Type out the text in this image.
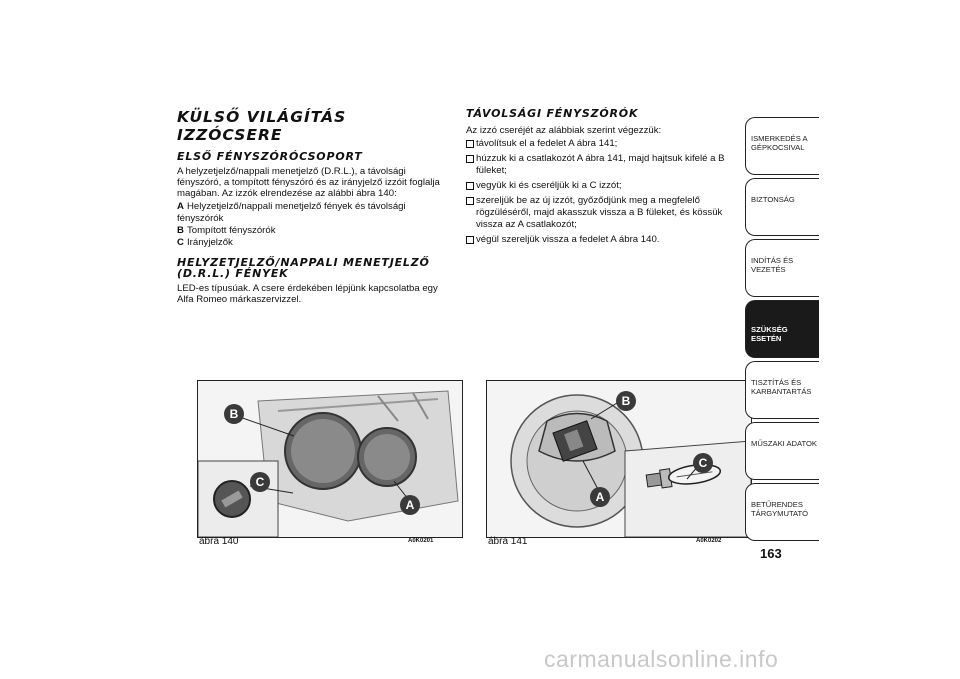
KÜLSŐ VILÁGÍTÁS IZZÓCSERE
ELSŐ FÉNYSZÓRÓCSOPORT

A helyzetjelző/nappali menetjelző (D.R.L.), a távolsági fényszóró, a tompított fényszóró és az irányjelző izzóit foglalja magában. Az izzók elrendezése az alábbi ábra 140:

A Helyzetjelző/nappali menetjelző fények és távolsági fényszórók
B Tompított fényszórók
C Irányjelzők
HELYZETJELZŐ/NAPPALI MENETJELZŐ (D.R.L.) FÉNYEK

LED-es típusúak. A csere érdekében lépjünk kapcsolatba egy Alfa Romeo márkaszervizzel.

TÁVOLSÁGI FÉNYSZÓRÓK

Az izzó cseréjét az alábbiak szerint végezzük:

távolítsuk el a fedelet A ábra 141;
húzzuk ki a csatlakozót A ábra 141, majd hajtsuk kifelé a B füleket;
vegyük ki és cseréljük ki a C izzót;
szereljük be az új izzót, győződjünk meg a megfelelő rögzüléséről, majd akasszuk vissza a B füleket, és kössük vissza az A csatlakozót;
végül szereljük vissza a fedelet A ábra 140.
B
C
A
ábra 140	A0K0201
B
A
C
ábra 141	A0K0202
ISMERKEDÉS A GÉPKOCSIVAL
BIZTONSÁG
INDÍTÁS ÉS VEZETÉS
SZÜKSÉG ESETÉN
TISZTÍTÁS ÉS KARBANTARTÁS
MŰSZAKI ADATOK
BETŰRENDES TÁRGYMUTATÓ
163
carmanualsonline.info
